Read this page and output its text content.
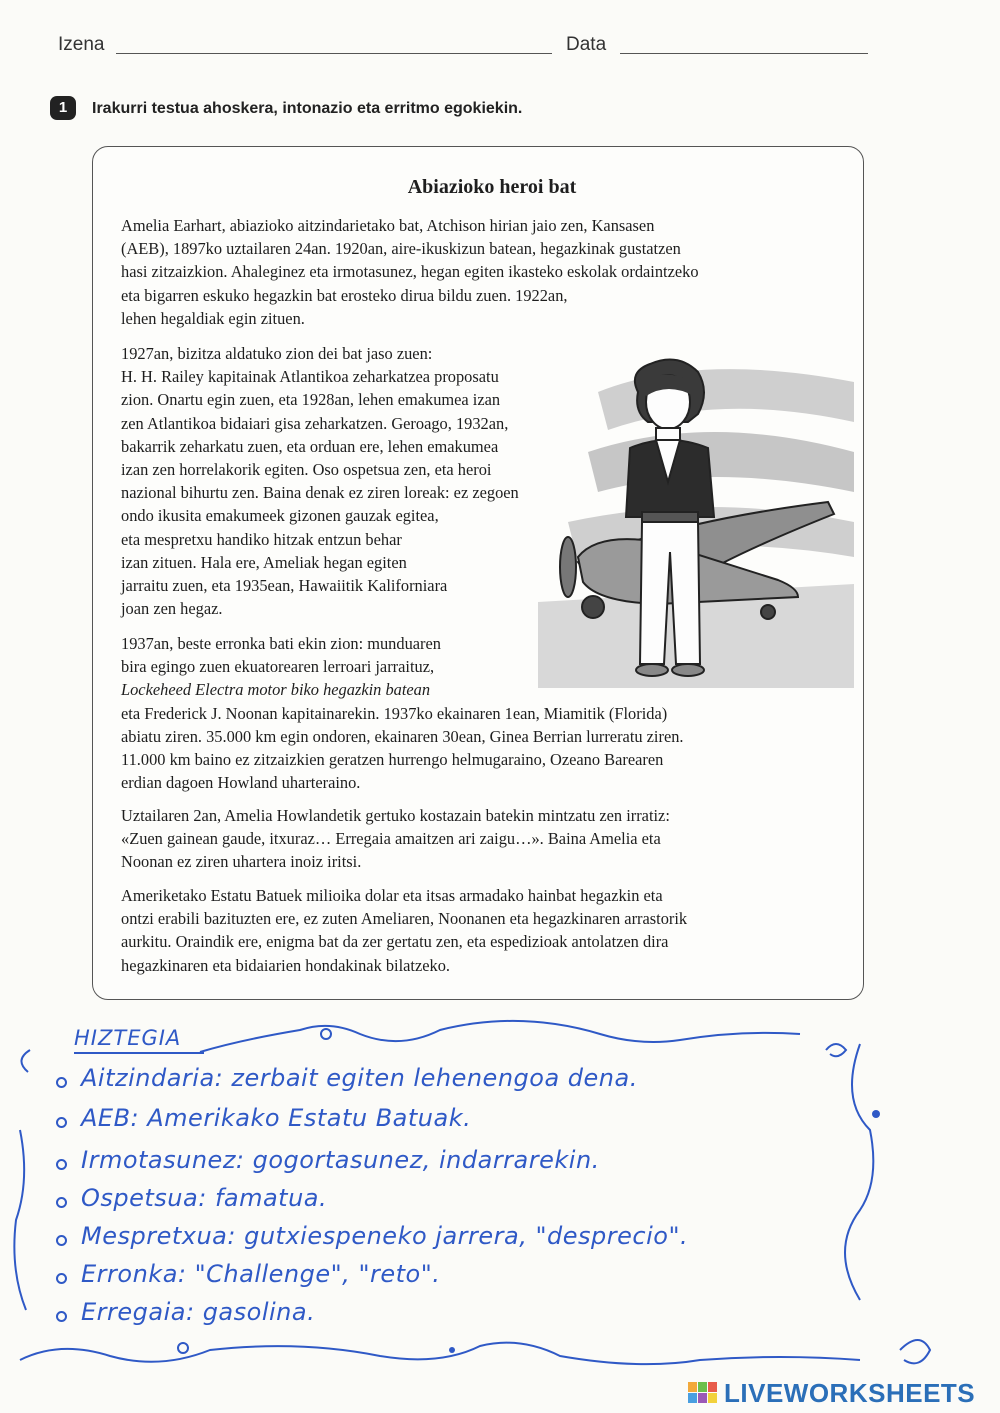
Izena	Data
1	Irakurri testua ahoskera, intonazio eta erritmo egokiekin.
Abiazioko heroi bat
Amelia Earhart, abiazioko aitzindarietako bat, Atchison hirian jaio zen, Kansasen
(AEB), 1897ko uztailaren 24an. 1920an, aire-ikuskizun batean, hegazkinak gustatzen
hasi zitzaizkion. Ahaleginez eta irmotasunez, hegan egiten ikasteko eskolak ordaintzeko
eta bigarren eskuko hegazkin bat erosteko dirua bildu zuen. 1922an,
lehen hegaldiak egin zituen.
1927an, bizitza aldatuko zion dei bat jaso zuen:
H. H. Railey kapitainak Atlantikoa zeharkatzea proposatu
zion. Onartu egin zuen, eta 1928an, lehen emakumea izan
zen Atlantikoa bidaiari gisa zeharkatzen. Geroago, 1932an,
bakarrik zeharkatu zuen, eta orduan ere, lehen emakumea
izan zen horrelakorik egiten. Oso ospetsua zen, eta heroi
nazional bihurtu zen. Baina denak ez ziren loreak: ez zegoen
ondo ikusita emakumeek gizonen gauzak egitea,
eta mespretxu handiko hitzak entzun behar
izan zituen. Hala ere, Ameliak hegan egiten
jarraitu zuen, eta 1935ean, Hawaiitik Kaliforniara
joan zen hegaz.
1937an, beste erronka bati ekin zion: munduaren
bira egingo zuen ekuatorearen lerroari jarraituz,
Lockeheed Electra motor biko hegazkin batean
eta Frederick J. Noonan kapitainarekin. 1937ko ekainaren 1ean, Miamitik (Florida)
abiatu ziren. 35.000 km egin ondoren, ekainaren 30ean, Ginea Berrian lurreratu ziren.
11.000 km baino ez zitzaizkien geratzen hurrengo helmugaraino, Ozeano Barearen
erdian dagoen Howland uharteraino.
Uztailaren 2an, Amelia Howlandetik gertuko kostazain batekin mintzatu zen irratiz:
«Zuen gainean gaude, itxuraz… Erregaia amaitzen ari zaigu…». Baina Amelia eta
Noonan ez ziren uhartera inoiz iritsi.
Ameriketako Estatu Batuek milioika dolar eta itsas armadako hainbat hegazkin eta
ontzi erabili bazituzten ere, ez zuten Ameliaren, Noonanen eta hegazkinaren arrastorik
aurkitu. Oraindik ere, enigma bat da zer gertatu zen, eta espedizioak antolatzen dira
hegazkinaren eta bidaiarien hondakinak bilatzeko.
HIZTEGIA
Aitzindaria: zerbait egiten lehenengoa dena.
AEB: Amerikako Estatu Batuak.
Irmotasunez: gogortasunez, indarrarekin.
Ospetsua: famatua.
Mespretxua: gutxiespeneko jarrera, "desprecio".
Erronka: "Challenge", "reto".
Erregaia: gasolina.
LIVEWORKSHEETS
